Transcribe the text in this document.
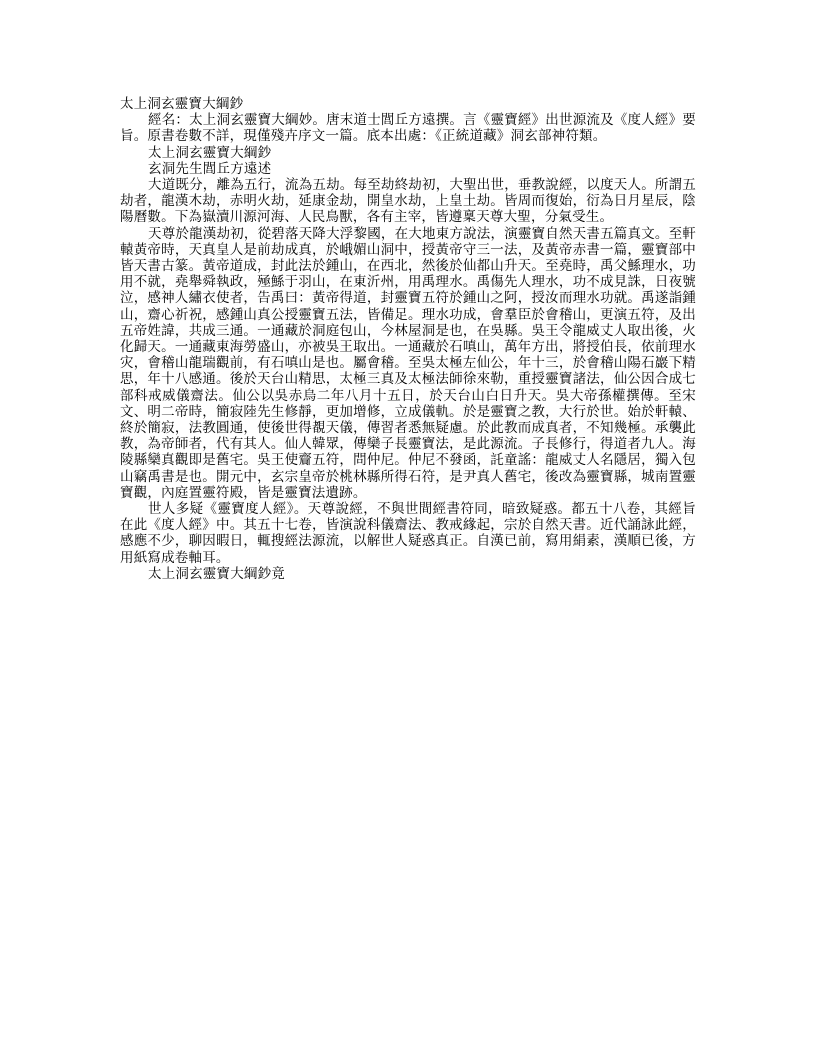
太上洞玄靈寶大綱鈔

經名：太上洞玄靈寶大綱妙。唐末道士閭丘方遠撰。言《靈寶經》出世源流及《度人經》要旨。原書卷數不詳，現僅殘卉序文一篇。底本出處：《正統道藏》洞玄部神符類。

太上洞玄靈寶大綱鈔

玄洞先生閭丘方遠述

大道既分，離為五行，流為五劫。每至劫終劫初，大聖出世，垂教說經，以度天人。所謂五劫者，龍漢木劫，赤明火劫，延康金劫，開皇水劫，上皇土劫。皆周而復始，衍為日月星辰，陰陽曆數。下為嶽瀆川源河海、人民鳥獸，各有主宰，皆遵稟天尊大聖，分氣受生。

天尊於龍漢劫初，從碧落天降大浮黎國，在大地東方說法，演靈寶自然天書五篇真文。至軒轅黃帝時，天真皇人是前劫成真，於峨媚山洞中，授黃帝守三一法，及黃帝赤書一篇，靈寶部中皆天書古篆。黃帝道成，封此法於鍾山，在西北，然後於仙都山升天。至堯時，禹父鯀理水，功用不就，堯舉舜執政，殛鯀于羽山，在東沂州，用禹理水。禹傷先人理水，功不成見誅，日夜號泣，感神人繡衣使者，告禹曰：黃帝得道，封靈寶五符於鍾山之阿，授汝而理水功就。禹遂詣鍾山，齋心祈祝，感鍾山真公授靈寶五法，皆備足。理水功成，會羣臣於會稽山，更演五符，及出五帝姓諱，共成三通。一通藏於洞庭包山，今林屋洞是也，在吳縣。吳王令龍威丈人取出後，火化歸天。一通藏東海勞盛山，亦被吳王取出。一通藏於石嗔山，萬年方出，將授伯長，依前理水灾，會稽山龍瑞觀前，有石嗔山是也。屬會稽。至吳太極左仙公，年十三，於會稽山陽石巖下精思，年十八感通。後於天台山精思，太極三真及太極法師徐來勒，重授靈寶諸法，仙公因合成七部科戒威儀齋法。仙公以吳赤烏二年八月十五日，於天台山白日升天。吳大帝孫權撰傳。至宋文、明二帝時，簡寂陸先生修靜，更加增修，立成儀軌。於是靈寶之教，大行於世。始於軒轅、終於簡寂，法教圓通，使後世得覩天儀，傳習者悉無疑慮。於此教而成真者，不知幾極。承襲此教，為帝師者，代有其人。仙人韓眾，傳欒子長靈寶法，是此源流。子長修行，得道者九人。海陵縣欒真觀即是舊宅。吳王使齎五符，問仲尼。仲尼不發函，託童謠：龍威丈人名隱居，獨入包山竊禹書是也。開元中，玄宗皇帝於桃林縣所得石符，是尹真人舊宅，後改為靈寶縣，城南置靈寶觀，內庭置靈符殿，皆是靈寶法遺跡。

世人多疑《靈寶度人經》。天尊說經，不與世間經書符同，暗致疑惑。都五十八卷，其經旨在此《度人經》中。其五十七卷，皆演說科儀齋法、教戒緣起，宗於自然天書。近代誦詠此經，感應不少，聊因暇日，輒搜經法源流，以解世人疑惑真正。自漢已前，寫用絹素，漢順已後，方用紙寫成卷軸耳。

太上洞玄靈寶大綱鈔竟
